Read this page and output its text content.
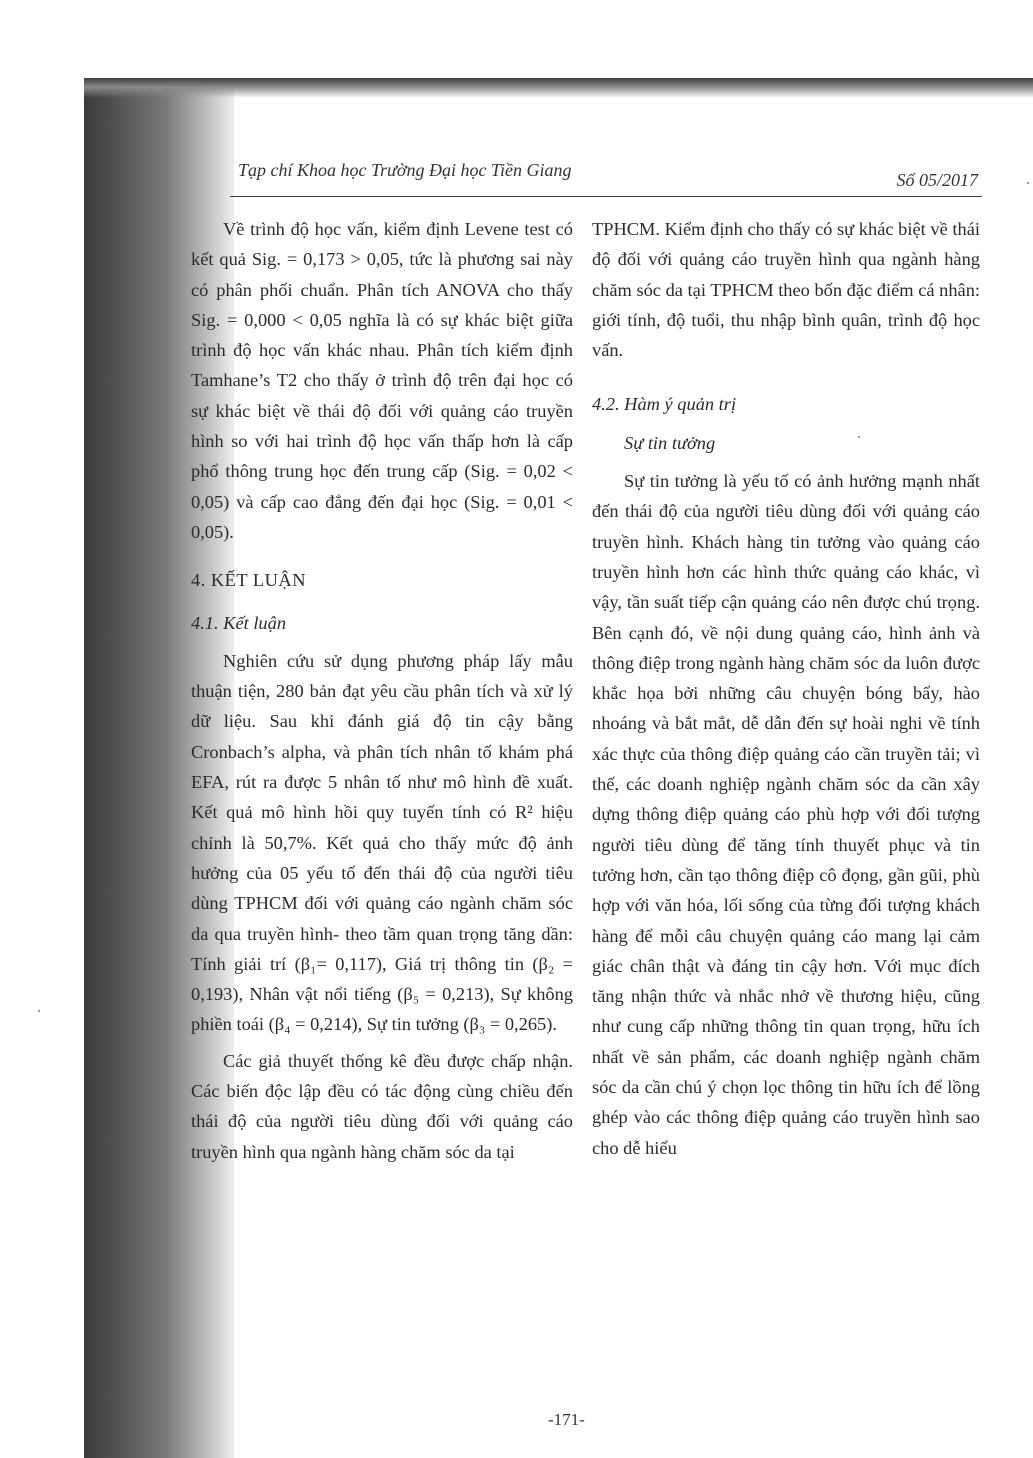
Tạp chí Khoa học Trường Đại học Tiền Giang	Số 05/2017

Về trình độ học vấn, kiểm định Levene test có kết quả Sig. = 0,173 > 0,05, tức là phương sai này có phân phối chuẩn. Phân tích ANOVA cho thấy Sig. = 0,000 < 0,05 nghĩa là có sự khác biệt giữa trình độ học vấn khác nhau. Phân tích kiểm định Tamhane’s T2 cho thấy ở trình độ trên đại học có sự khác biệt về thái độ đối với quảng cáo truyền hình so với hai trình độ học vấn thấp hơn là cấp phổ thông trung học đến trung cấp (Sig. = 0,02 < 0,05) và cấp cao đẳng đến đại học (Sig. = 0,01 < 0,05).

4. KẾT LUẬN
4.1. Kết luận

Nghiên cứu sử dụng phương pháp lấy mẫu thuận tiện, 280 bản đạt yêu cầu phân tích và xử lý dữ liệu. Sau khi đánh giá độ tin cậy bằng Cronbach’s alpha, và phân tích nhân tố khám phá EFA, rút ra được 5 nhân tố như mô hình đề xuất. Kết quả mô hình hồi quy tuyến tính có R² hiệu chỉnh là 50,7%. Kết quả cho thấy mức độ ảnh hưởng của 05 yếu tố đến thái độ của người tiêu dùng TPHCM đối với quảng cáo ngành chăm sóc da qua truyền hình- theo tầm quan trọng tăng dần: Tính giải trí (β₁= 0,117), Giá trị thông tin (β₂ = 0,193), Nhân vật nổi tiếng (β₅ = 0,213), Sự không phiền toái (β₄ = 0,214), Sự tin tưởng (β₃ = 0,265).

Các giả thuyết thống kê đều được chấp nhận. Các biến độc lập đều có tác động cùng chiều đến thái độ của người tiêu dùng đối với quảng cáo truyền hình qua ngành hàng chăm sóc da tại

TPHCM. Kiểm định cho thấy có sự khác biệt về thái độ đối với quảng cáo truyền hình qua ngành hàng chăm sóc da tại TPHCM theo bốn đặc điểm cá nhân: giới tính, độ tuổi, thu nhập bình quân, trình độ học vấn.

4.2. Hàm ý quản trị
Sự tin tưởng

Sự tin tưởng là yếu tố có ảnh hưởng mạnh nhất đến thái độ của người tiêu dùng đối với quảng cáo truyền hình. Khách hàng tin tưởng vào quảng cáo truyền hình hơn các hình thức quảng cáo khác, vì vậy, tần suất tiếp cận quảng cáo nên được chú trọng. Bên cạnh đó, về nội dung quảng cáo, hình ảnh và thông điệp trong ngành hàng chăm sóc da luôn được khắc họa bởi những câu chuyện bóng bẩy, hào nhoáng và bắt mắt, dễ dẫn đến sự hoài nghi về tính xác thực của thông điệp quảng cáo cần truyền tải; vì thế, các doanh nghiệp ngành chăm sóc da cần xây dựng thông điệp quảng cáo phù hợp với đối tượng người tiêu dùng để tăng tính thuyết phục và tin tưởng hơn, cần tạo thông điệp cô đọng, gần gũi, phù hợp với văn hóa, lối sống của từng đối tượng khách hàng để mỗi câu chuyện quảng cáo mang lại cảm giác chân thật và đáng tin cậy hơn. Với mục đích tăng nhận thức và nhắc nhở về thương hiệu, cũng như cung cấp những thông tin quan trọng, hữu ích nhất về sản phẩm, các doanh nghiệp ngành chăm sóc da cần chú ý chọn lọc thông tin hữu ích để lồng ghép vào các thông điệp quảng cáo truyền hình sao cho dễ hiểu

-171-
